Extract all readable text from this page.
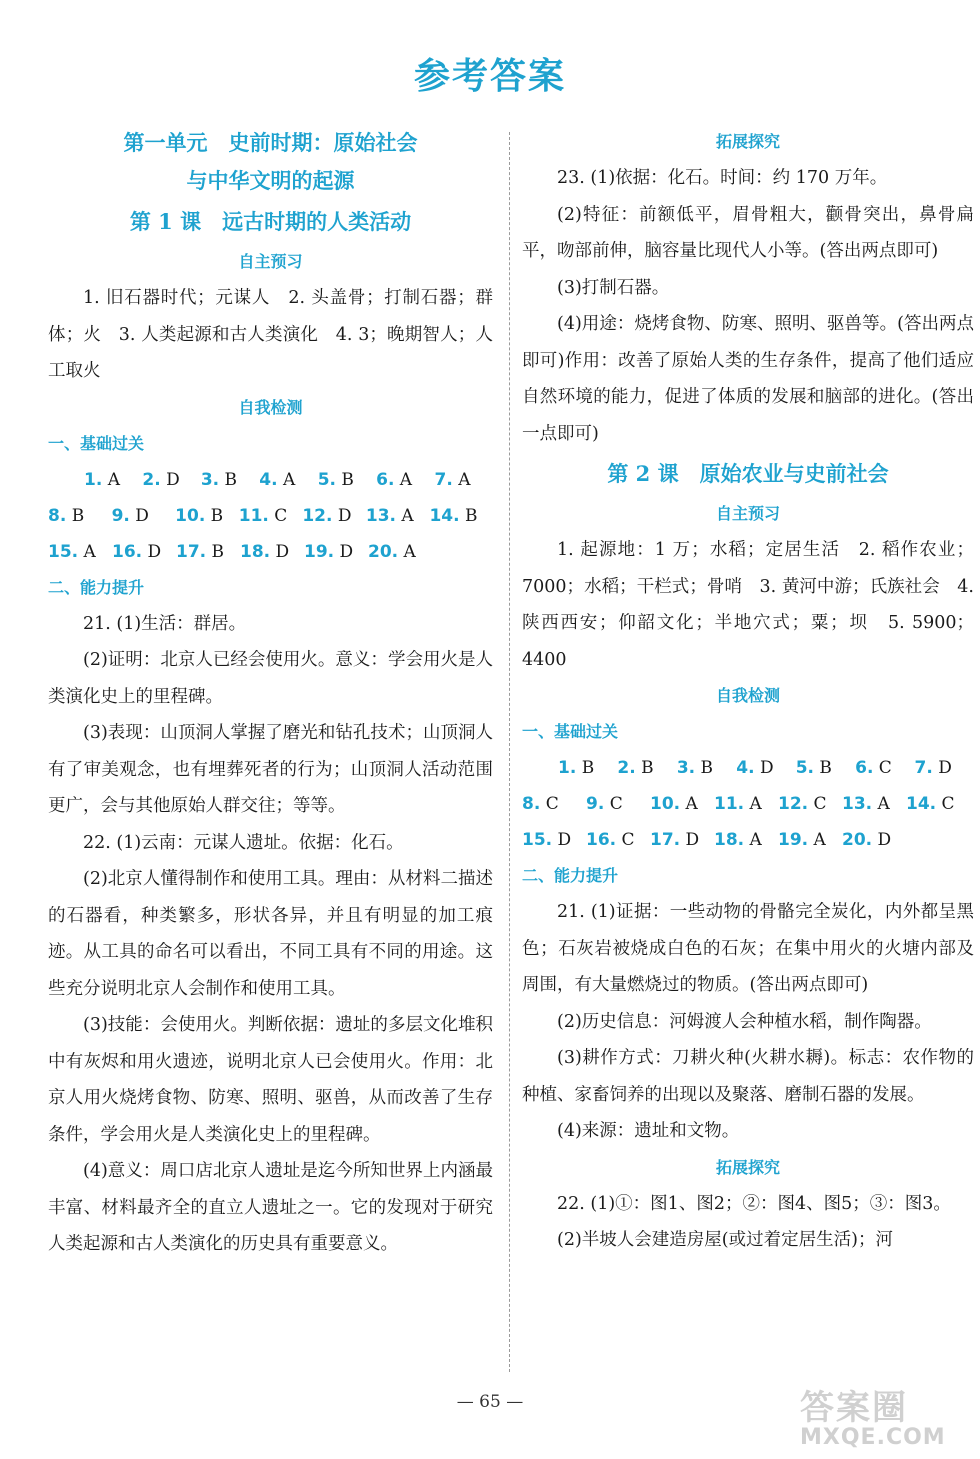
参考答案
第一单元　史前时期：原始社会
与中华文明的起源
第 1 课　远古时期的人类活动
自主预习

1. 旧石器时代；元谋人　2. 头盖骨；打制石器；群体；火　3. 人类起源和古人类演化　4. 3；晚期智人；人工取火

自我检测
一、基础过关
1. A	2. D	3. B	4. A	5. B	6. A	7. A
8. B	9. D	10. B 11. C 12. D 13. A 14. B
15. A 16. D 17. B 18. D 19. D 20. A
二、能力提升

21. (1)生活：群居。

(2)证明：北京人已经会使用火。意义：学会用火是人类演化史上的里程碑。

(3)表现：山顶洞人掌握了磨光和钻孔技术；山顶洞人有了审美观念，也有埋葬死者的行为；山顶洞人活动范围更广，会与其他原始人群交往；等等。

22. (1)云南：元谋人遗址。依据：化石。

(2)北京人懂得制作和使用工具。理由：从材料二描述的石器看，种类繁多，形状各异，并且有明显的加工痕迹。从工具的命名可以看出，不同工具有不同的用途。这些充分说明北京人会制作和使用工具。

(3)技能：会使用火。判断依据：遗址的多层文化堆积中有灰烬和用火遗迹，说明北京人已会使用火。作用：北京人用火烧烤食物、防寒、照明、驱兽，从而改善了生存条件，学会用火是人类演化史上的里程碑。

(4)意义：周口店北京人遗址是迄今所知世界上内涵最丰富、材料最齐全的直立人遗址之一。它的发现对于研究人类起源和古人类演化的历史具有重要意义。

拓展探究

23. (1)依据：化石。时间：约 170 万年。

(2)特征：前额低平，眉骨粗大，颧骨突出，鼻骨扁平，吻部前伸，脑容量比现代人小等。(答出两点即可)

(3)打制石器。

(4)用途：烧烤食物、防寒、照明、驱兽等。(答出两点即可)作用：改善了原始人类的生存条件，提高了他们适应自然环境的能力，促进了体质的发展和脑部的进化。(答出一点即可)

第 2 课　原始农业与史前社会
自主预习

1. 起源地：1 万；水稻；定居生活　2. 稻作农业；7000；水稻；干栏式；骨哨　3. 黄河中游；氏族社会　4. 陕西西安；仰韶文化；半地穴式；粟；坝　5. 5900；4400

自我检测
一、基础过关
1. B	2. B	3. B	4. D	5. B	6. C	7. D
8. C	9. C	10. A 11. A 12. C 13. A 14. C
15. D 16. C 17. D 18. A 19. A 20. D
二、能力提升

21. (1)证据：一些动物的骨骼完全炭化，内外都呈黑色；石灰岩被烧成白色的石灰；在集中用火的火塘内部及周围，有大量燃烧过的物质。(答出两点即可)

(2)历史信息：河姆渡人会种植水稻，制作陶器。

(3)耕作方式：刀耕火种(火耕水耨)。标志：农作物的种植、家畜饲养的出现以及聚落、磨制石器的发展。

(4)来源：遗址和文物。

拓展探究

22. (1)①：图1、图2；②：图4、图5；③：图3。

(2)半坡人会建造房屋(或过着定居生活)；河

— 65 —	答案圈
MXQE.COM
